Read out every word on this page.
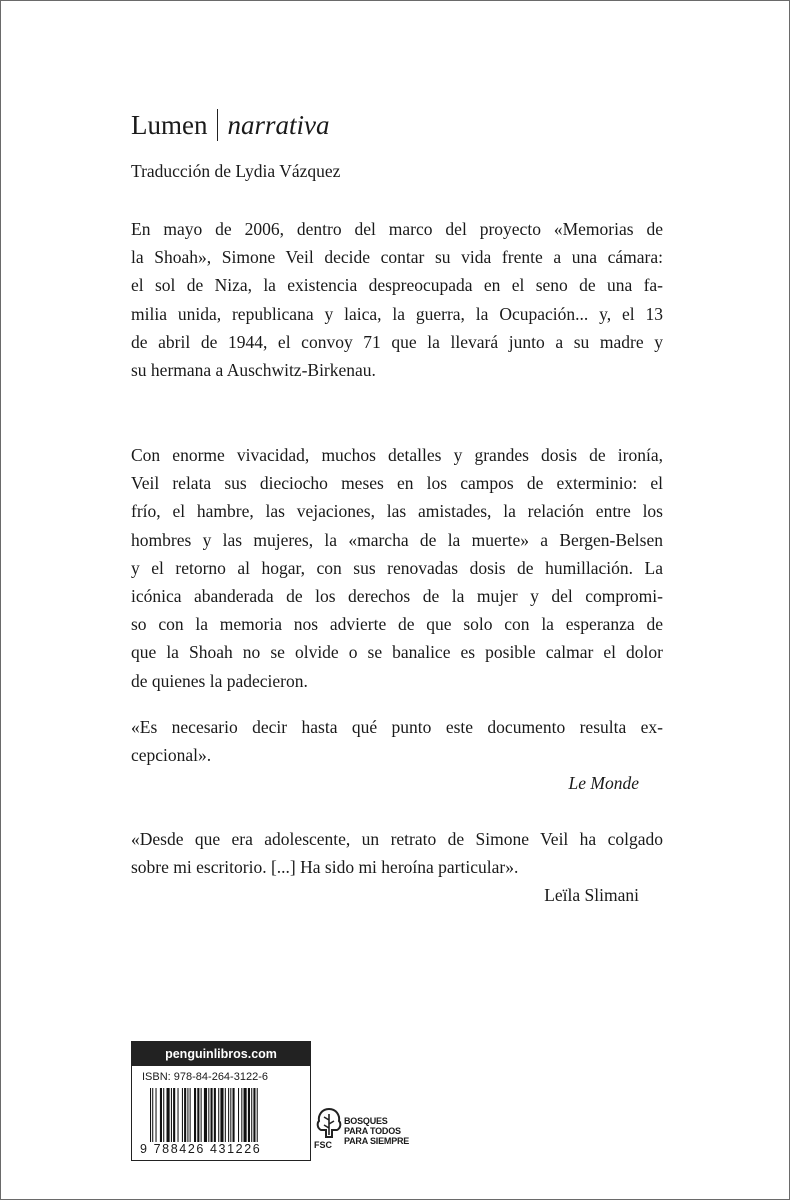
Lumen narrativa
Traducción de Lydia Vázquez
En mayo de 2006, dentro del marco del proyecto «Memorias de
la Shoah», Simone Veil decide contar su vida frente a una cámara:
el sol de Niza, la existencia despreocupada en el seno de una fa-
milia unida, republicana y laica, la guerra, la Ocupación... y, el 13
de abril de 1944, el convoy 71 que la llevará junto a su madre y
su hermana a Auschwitz-Birkenau.
Con enorme vivacidad, muchos detalles y grandes dosis de ironía,
Veil relata sus dieciocho meses en los campos de exterminio: el
frío, el hambre, las vejaciones, las amistades, la relación entre los
hombres y las mujeres, la «marcha de la muerte» a Bergen-Belsen
y el retorno al hogar, con sus renovadas dosis de humillación. La
icónica abanderada de los derechos de la mujer y del compromi-
so con la memoria nos advierte de que solo con la esperanza de
que la Shoah no se olvide o se banalice es posible calmar el dolor
de quienes la padecieron.
«Es necesario decir hasta qué punto este documento resulta ex-
cepcional».
Le Monde
«Desde que era adolescente, un retrato de Simone Veil ha colgado
sobre mi escritorio. [...] Ha sido mi heroína particular».
Leïla Slimani
penguinlibros.com
ISBN: 978-84-264-3122-6
9 788426 431226	FSC
BOSQUES
PARA TODOS
PARA SIEMPRE
